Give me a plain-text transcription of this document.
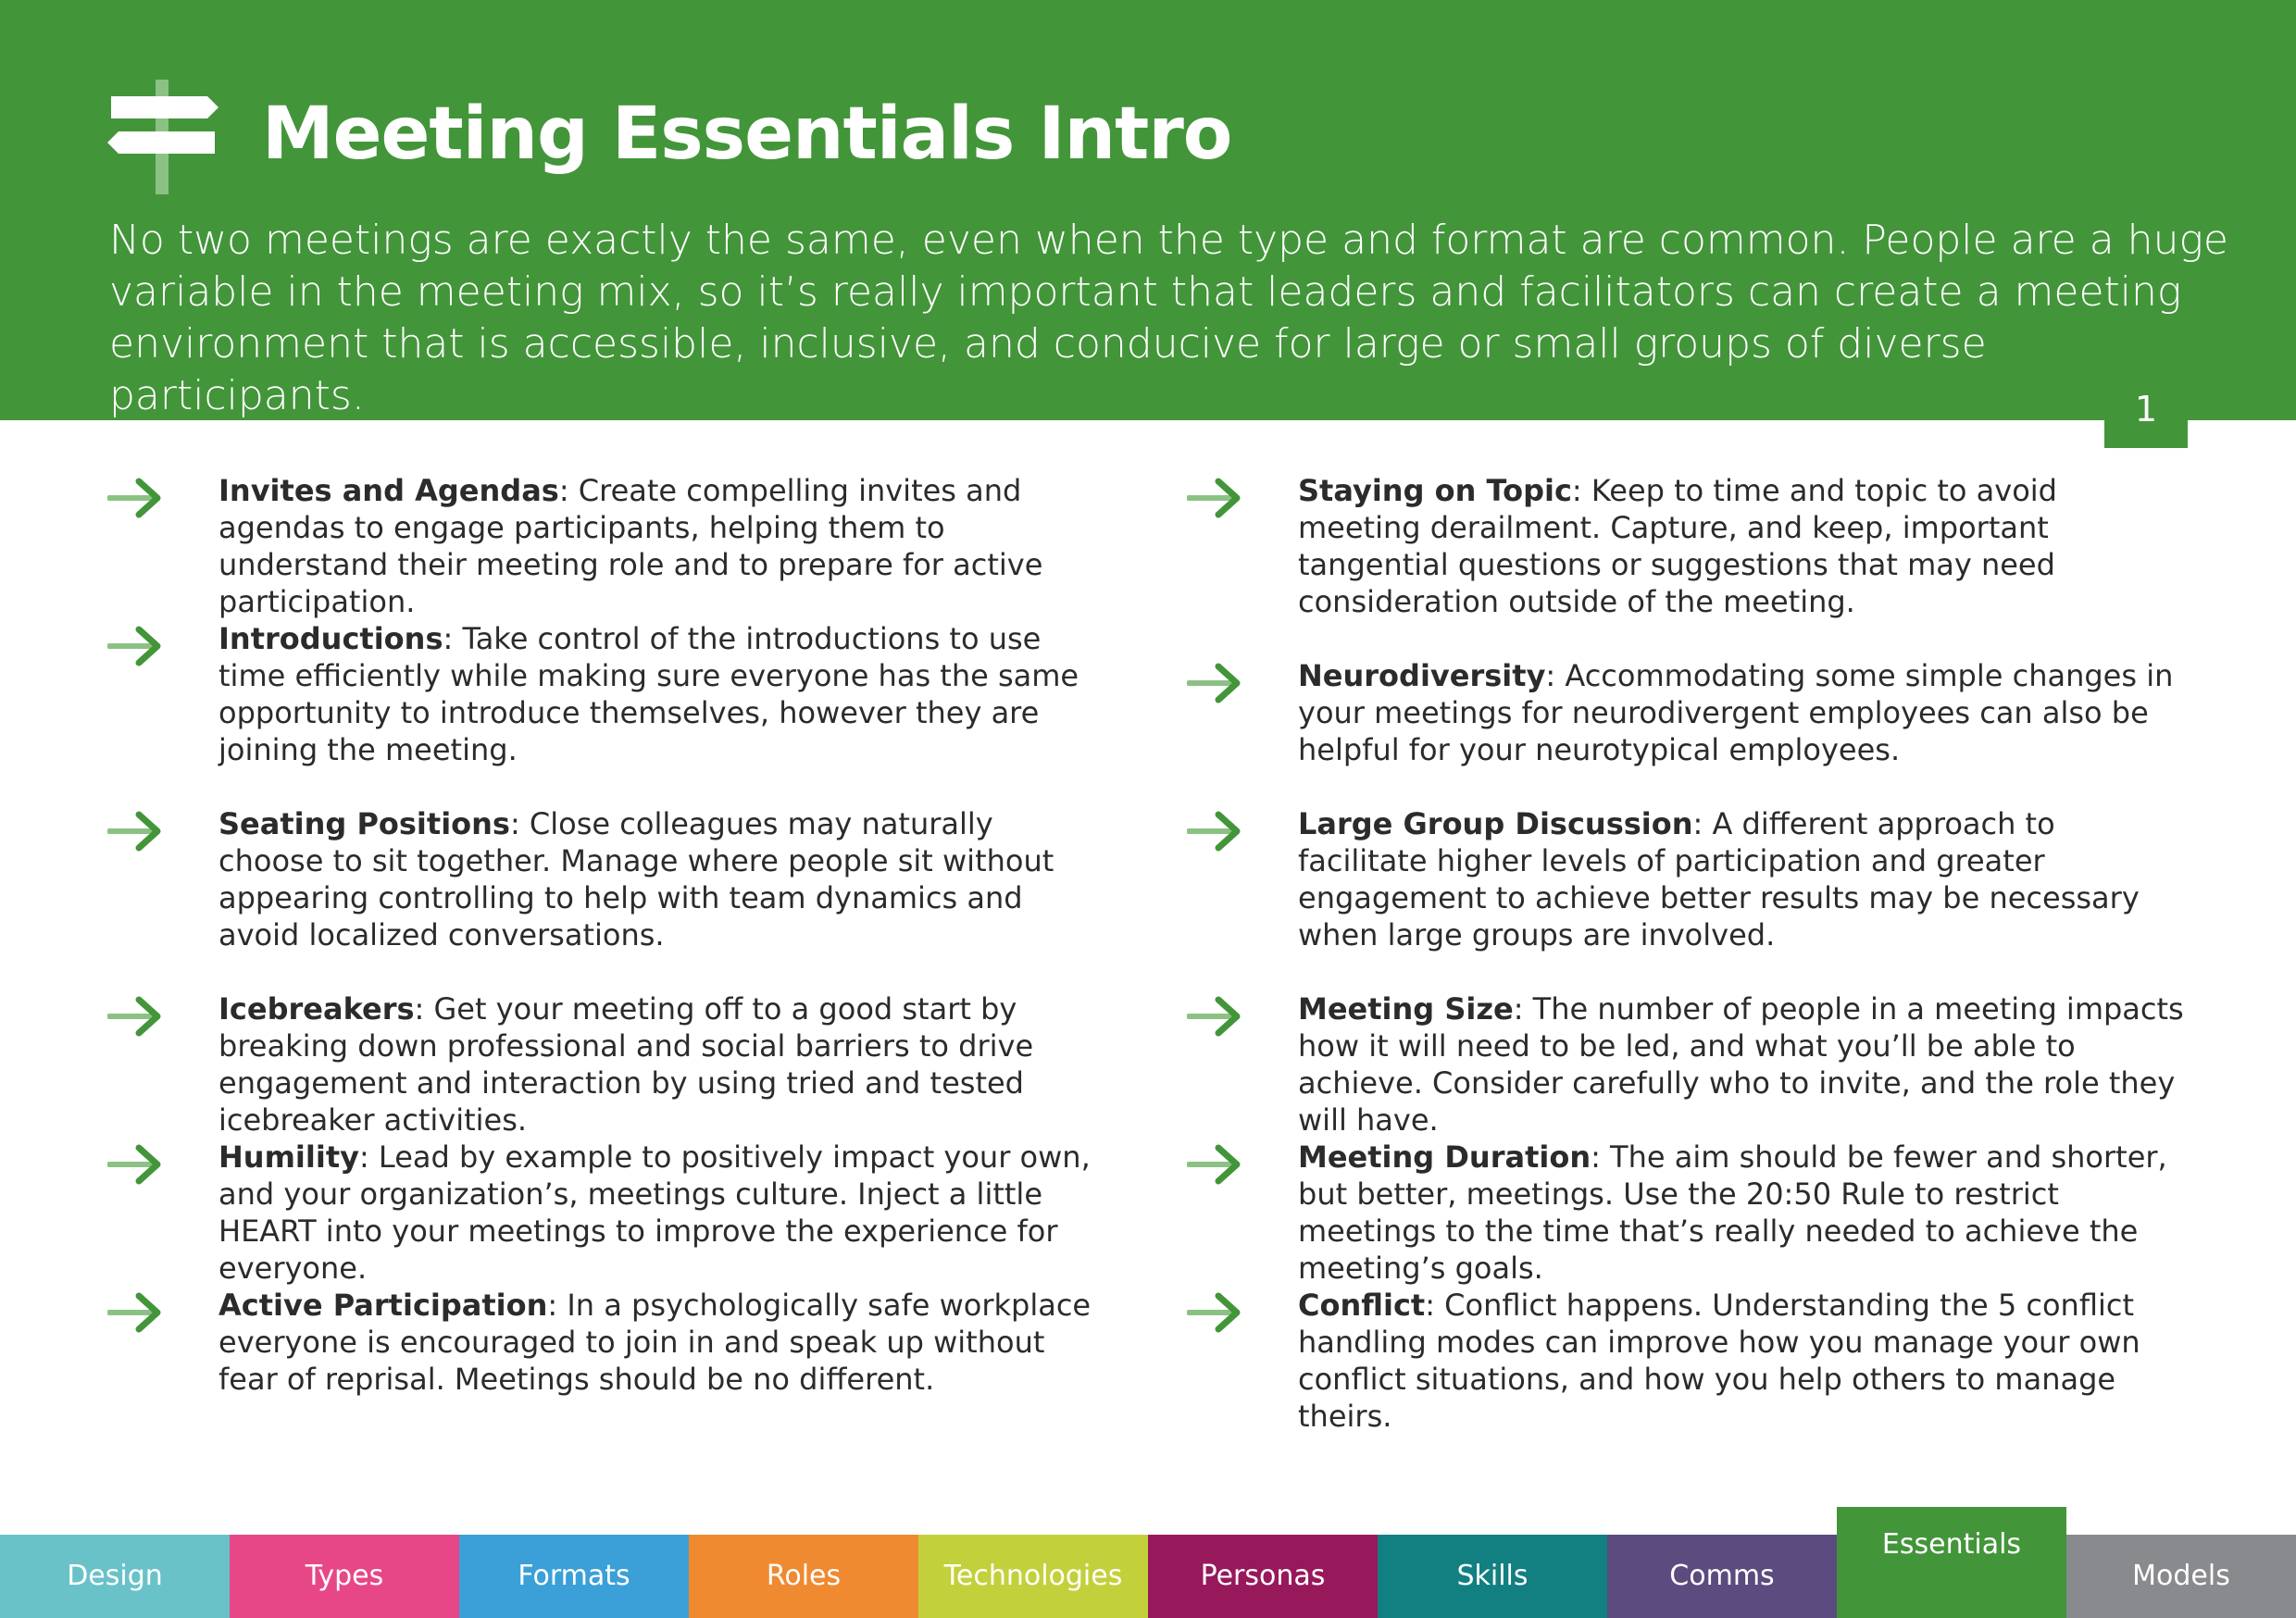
Meeting Essentials Intro
No two meetings are exactly the same, even when the type and format are common. People are a huge variable in the meeting mix, so it’s really important that leaders and facilitators can create a meeting environment that is accessible, inclusive, and conducive for large or small groups of diverse participants.	1
Invites and Agendas: Create compelling invites and agendas to engage participants, helping them to understand their meeting role and to prepare for active participation.
Introductions: Take control of the introductions to use time efficiently while making sure everyone has the same opportunity to introduce themselves, however they are joining the meeting.
Seating Positions: Close colleagues may naturally choose to sit together. Manage where people sit without appearing controlling to help with team dynamics and avoid localized conversations.
Icebreakers: Get your meeting off to a good start by breaking down professional and social barriers to drive engagement and interaction by using tried and tested icebreaker activities.
Humility: Lead by example to positively impact your own, and your organization’s, meetings culture. Inject a little HEART into your meetings to improve the experience for everyone.
Active Participation: In a psychologically safe workplace everyone is encouraged to join in and speak up without fear of reprisal. Meetings should be no different.
Staying on Topic: Keep to time and topic to avoid meeting derailment. Capture, and keep, important tangential questions or suggestions that may need consideration outside of the meeting.
Neurodiversity: Accommodating some simple changes in your meetings for neurodivergent employees can also be helpful for your neurotypical employees.
Large Group Discussion: A different approach to facilitate higher levels of participation and greater engagement to achieve better results may be necessary when large groups are involved.
Meeting Size: The number of people in a meeting impacts how it will need to be led, and what you’ll be able to achieve. Consider carefully who to invite, and the role they will have.
Meeting Duration: The aim should be fewer and shorter, but better, meetings. Use the 20:50 Rule to restrict meetings to the time that’s really needed to achieve the meeting’s goals.
Conflict: Conflict happens. Understanding the 5 conflict handling modes can improve how you manage your own conflict situations, and how you help others to manage theirs.
Design	Types	Formats	Roles	Technologies	Personas	Skills	Comms
Essentials
Models
